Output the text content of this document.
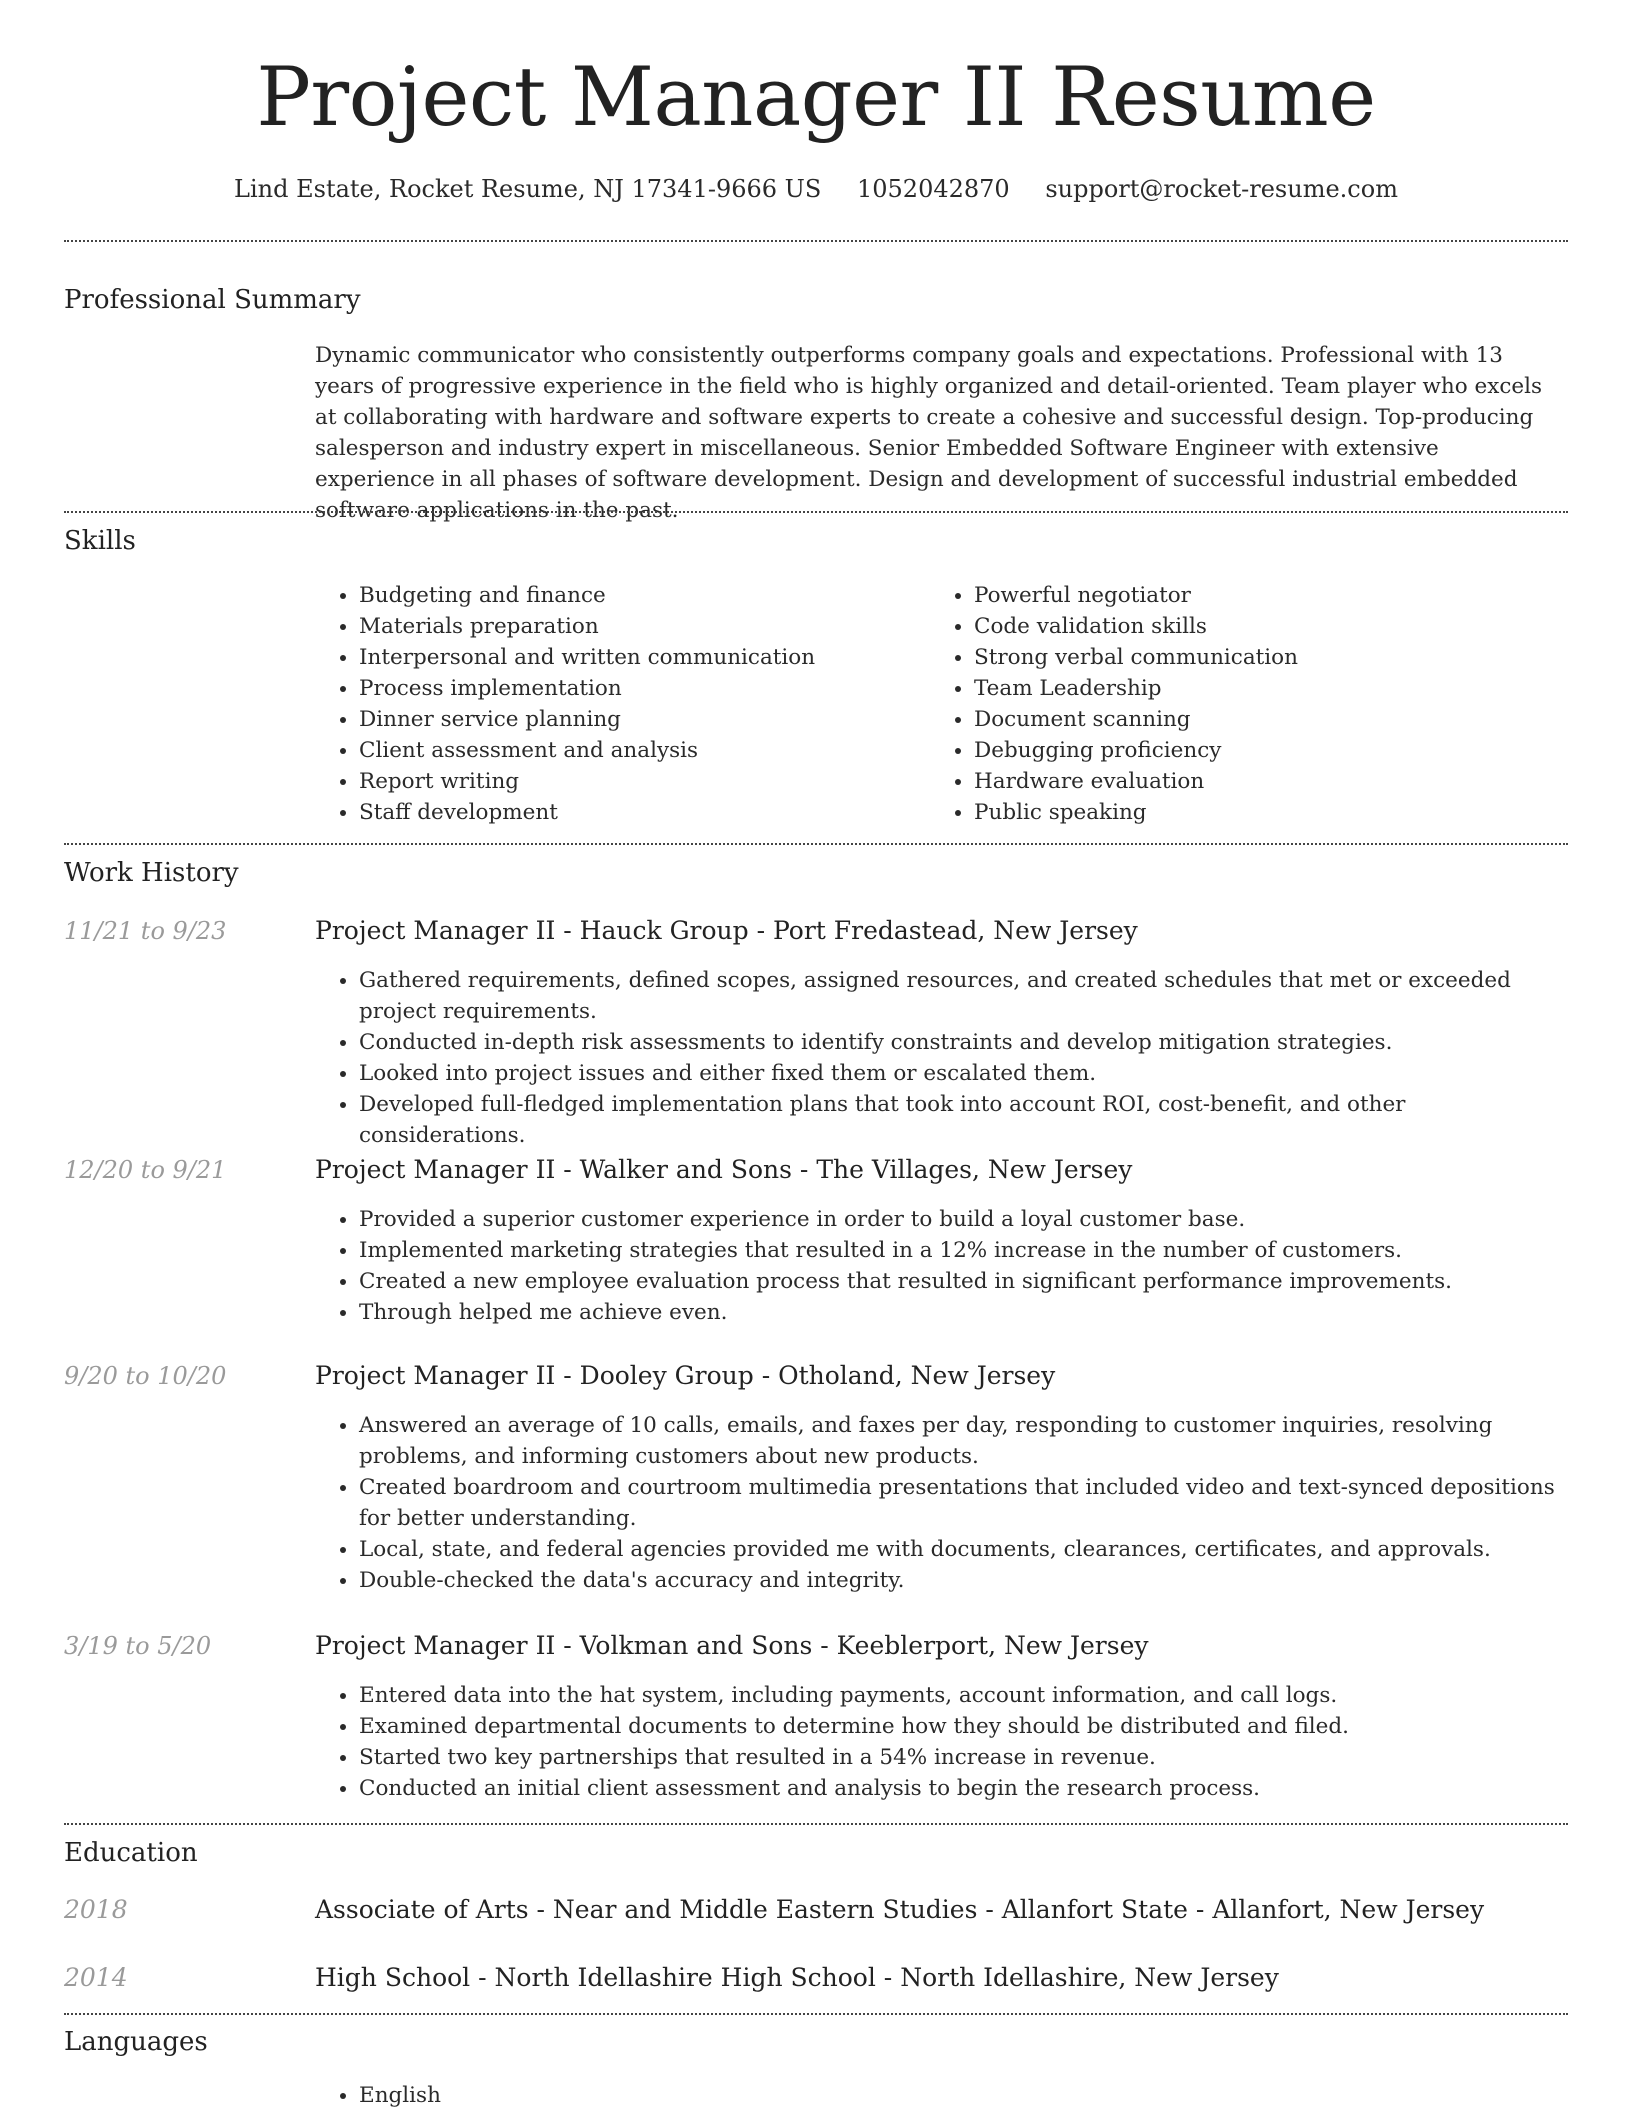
Project Manager II Resume
Lind Estate, Rocket Resume, NJ 17341-9666 US 1052042870 support@rocket-resume.com
Professional Summary
Dynamic communicator who consistently outperforms company goals and expectations. Professional with 13 years of progressive experience in the field who is highly organized and detail-oriented. Team player who excels at collaborating with hardware and software experts to create a cohesive and successful design. Top-producing salesperson and industry expert in miscellaneous. Senior Embedded Software Engineer with extensive experience in all phases of software development. Design and development of successful industrial embedded software applications in the past.
Skills
• Budgeting and finance
• Materials preparation
• Interpersonal and written communication
• Process implementation
• Dinner service planning
• Client assessment and analysis
• Report writing
• Staff development
• Powerful negotiator
• Code validation skills
• Strong verbal communication
• Team Leadership
• Document scanning
• Debugging proficiency
• Hardware evaluation
• Public speaking
Work History
11/21 to 9/23	Project Manager II - Hauck Group - Port Fredastead, New Jersey
• Gathered requirements, defined scopes, assigned resources, and created schedules that met or exceeded project requirements.
• Conducted in-depth risk assessments to identify constraints and develop mitigation strategies.
• Looked into project issues and either fixed them or escalated them.
• Developed full-fledged implementation plans that took into account ROI, cost-benefit, and other considerations.
12/20 to 9/21	Project Manager II - Walker and Sons - The Villages, New Jersey
• Provided a superior customer experience in order to build a loyal customer base.
• Implemented marketing strategies that resulted in a 12% increase in the number of customers.
• Created a new employee evaluation process that resulted in significant performance improvements.
• Through helped me achieve even.
9/20 to 10/20	Project Manager II - Dooley Group - Otholand, New Jersey
• Answered an average of 10 calls, emails, and faxes per day, responding to customer inquiries, resolving problems, and informing customers about new products.
• Created boardroom and courtroom multimedia presentations that included video and text-synced depositions for better understanding.
• Local, state, and federal agencies provided me with documents, clearances, certificates, and approvals.
• Double-checked the data's accuracy and integrity.
3/19 to 5/20	Project Manager II - Volkman and Sons - Keeblerport, New Jersey
• Entered data into the hat system, including payments, account information, and call logs.
• Examined departmental documents to determine how they should be distributed and filed.
• Started two key partnerships that resulted in a 54% increase in revenue.
• Conducted an initial client assessment and analysis to begin the research process.
Education
2018	Associate of Arts - Near and Middle Eastern Studies - Allanfort State - Allanfort, New Jersey
2014	High School - North Idellashire High School - North Idellashire, New Jersey
Languages
• English
